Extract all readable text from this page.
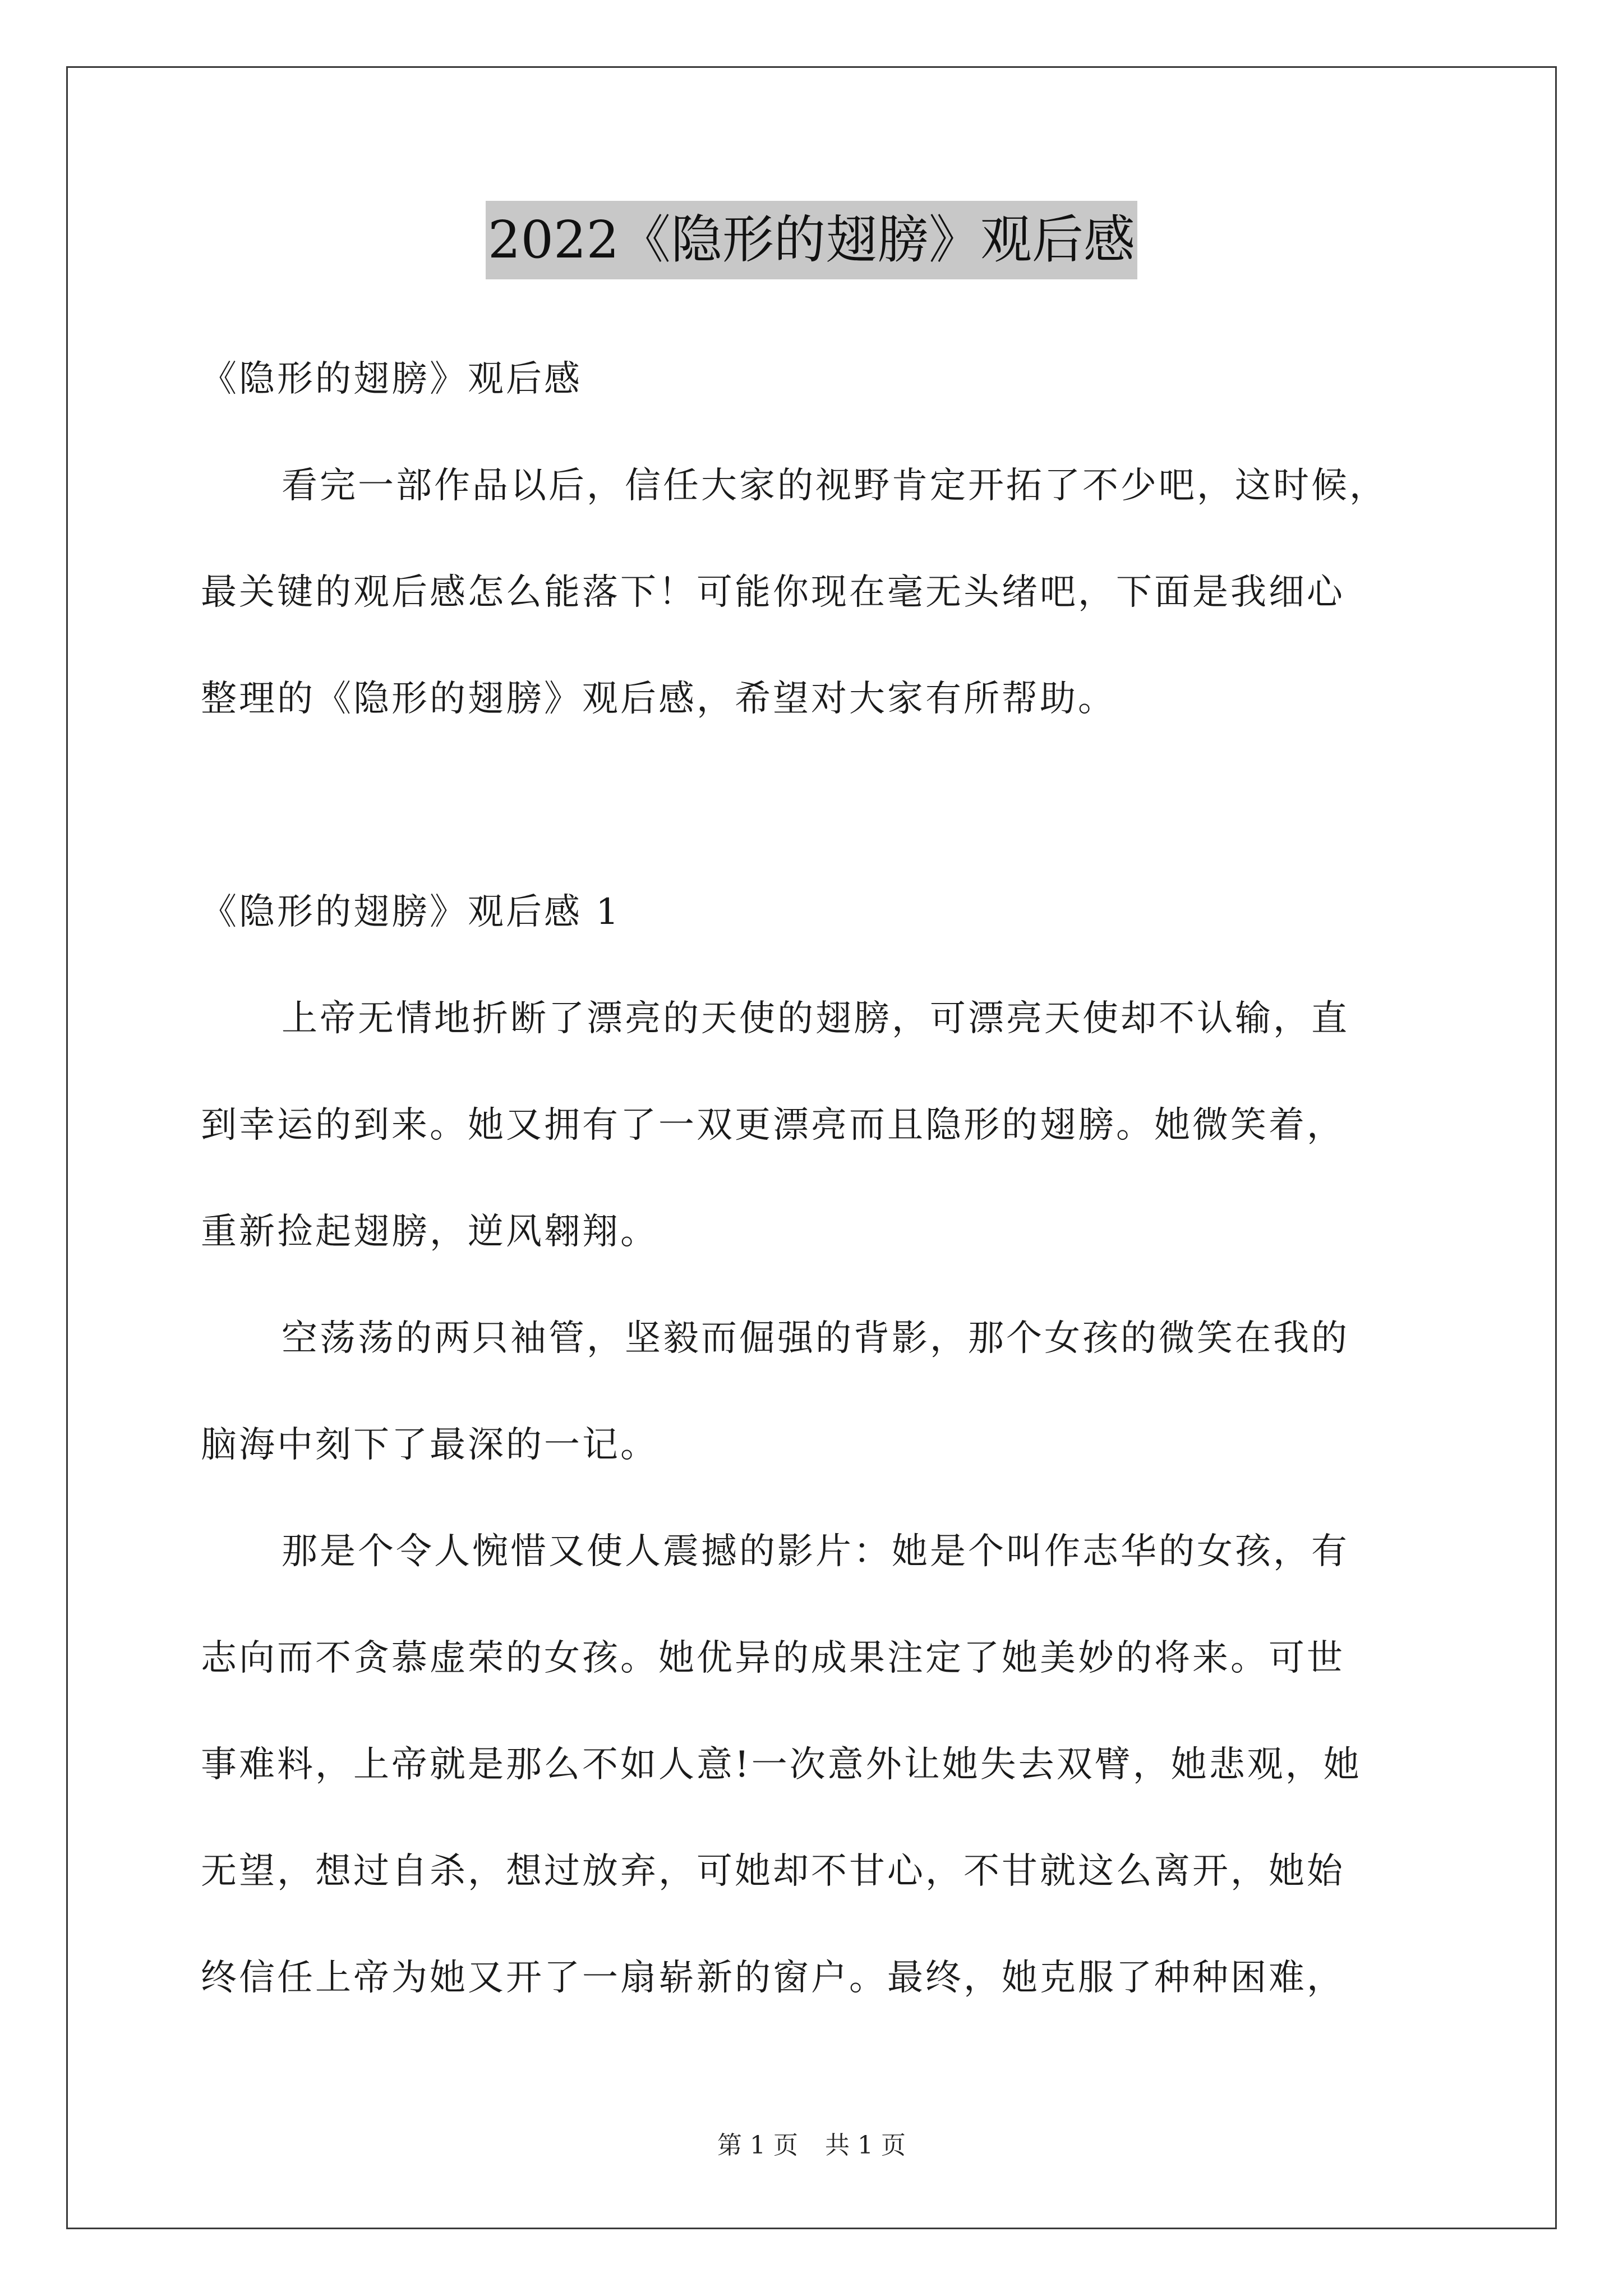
2022《隐形的翅膀》观后感
《隐形的翅膀》观后感
看完一部作品以后，信任大家的视野肯定开拓了不少吧，这时候，
最关键的观后感怎么能落下！可能你现在毫无头绪吧，下面是我细心
整理的《隐形的翅膀》观后感，希望对大家有所帮助。
《隐形的翅膀》观后感 1
上帝无情地折断了漂亮的天使的翅膀，可漂亮天使却不认输，直
到幸运的到来。她又拥有了一双更漂亮而且隐形的翅膀。她微笑着，
重新捡起翅膀，逆风翱翔。
空荡荡的两只袖管，坚毅而倔强的背影，那个女孩的微笑在我的
脑海中刻下了最深的一记。
那是个令人惋惜又使人震撼的影片：她是个叫作志华的女孩，有
志向而不贪慕虚荣的女孩。她优异的成果注定了她美妙的将来。可世
事难料，上帝就是那么不如人意!一次意外让她失去双臂，她悲观，她
无望，想过自杀，想过放弃，可她却不甘心，不甘就这么离开，她始
终信任上帝为她又开了一扇崭新的窗户。最终，她克服了种种困难，
第 1 页 共 1 页
